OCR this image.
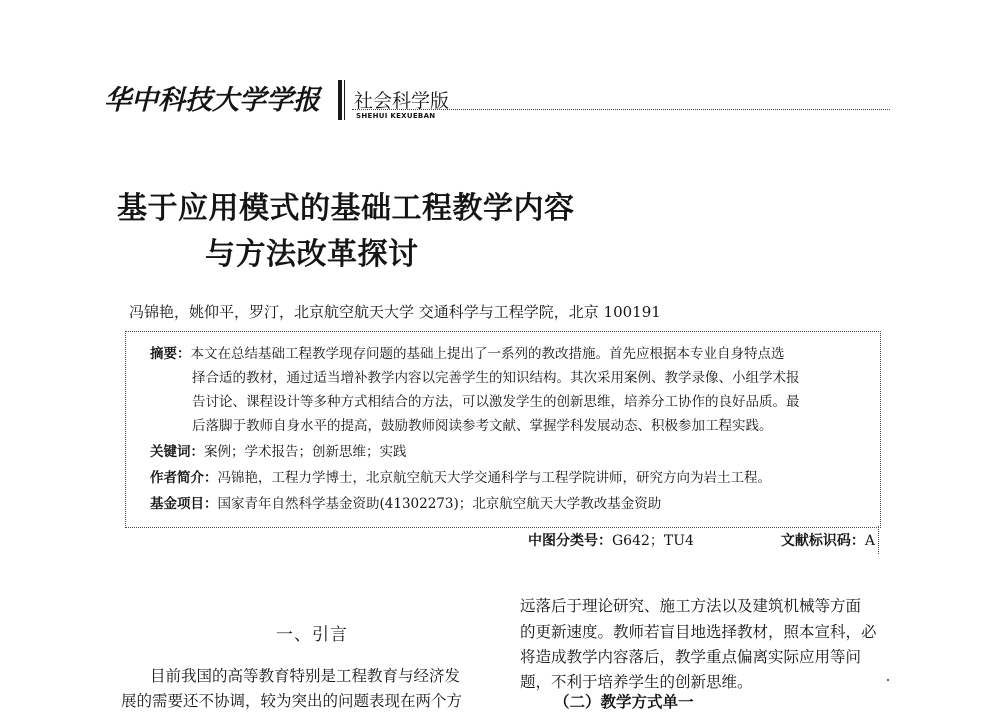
华中科技大学学报 社会科学版
SHEHUI KEXUEBAN
基于应用模式的基础工程教学内容
与方法改革探讨
冯锦艳，姚仰平，罗汀，北京航空航天大学 交通科学与工程学院，北京 100191
摘要：本文在总结基础工程教学现存问题的基础上提出了一系列的教改措施。首先应根据本专业自身特点选
择合适的教材，通过适当增补教学内容以完善学生的知识结构。其次采用案例、教学录像、小组学术报
告讨论、课程设计等多种方式相结合的方法，可以激发学生的创新思维，培养分工协作的良好品质。最
后落脚于教师自身水平的提高，鼓励教师阅读参考文献、掌握学科发展动态、积极参加工程实践。
关键词：案例；学术报告；创新思维；实践
作者简介：冯锦艳，工程力学博士，北京航空航天大学交通科学与工程学院讲师，研究方向为岩土工程。
基金项目：国家青年自然科学基金资助(41302273)；北京航空航天大学教改基金资助
中图分类号：G642；TU4	文献标识码：A
一、引言
目前我国的高等教育特别是工程教育与经济发
展的需要还不协调，较为突出的问题表现在两个方
远落后于理论研究、施工方法以及建筑机械等方面
的更新速度。教师若盲目地选择教材，照本宣科，必
将造成教学内容落后，教学重点偏离实际应用等问
题，不利于培养学生的创新思维。
（二）教学方式单一
